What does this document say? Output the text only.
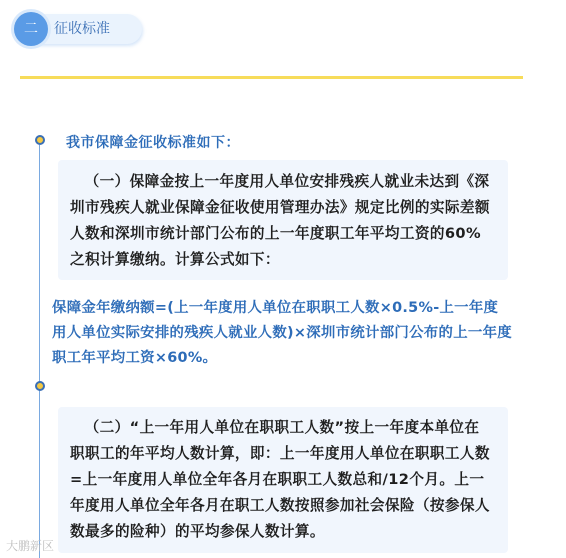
二	征收标准
我市保障金征收标准如下：

（一）保障金按上一年度用人单位安排残疾人就业未达到《深圳市残疾人就业保障金征收使用管理办法》规定比例的实际差额人数和深圳市统计部门公布的上一年度职工年平均工资的60%之积计算缴纳。计算公式如下：

保障金年缴纳额=(上一年度用人单位在职职工人数×0.5%-上一年度用人单位实际安排的残疾人就业人数)×深圳市统计部门公布的上一年度职工年平均工资×60%。

（二）“上一年用人单位在职职工人数”按上一年度本单位在职职工的年平均人数计算，即：上一年度用人单位在职职工人数=上一年度用人单位全年各月在职职工人数总和/12个月。上一年度用人单位全年各月在职工人数按照参加社会保险（按参保人数最多的险种）的平均参保人数计算。

大鹏新区
